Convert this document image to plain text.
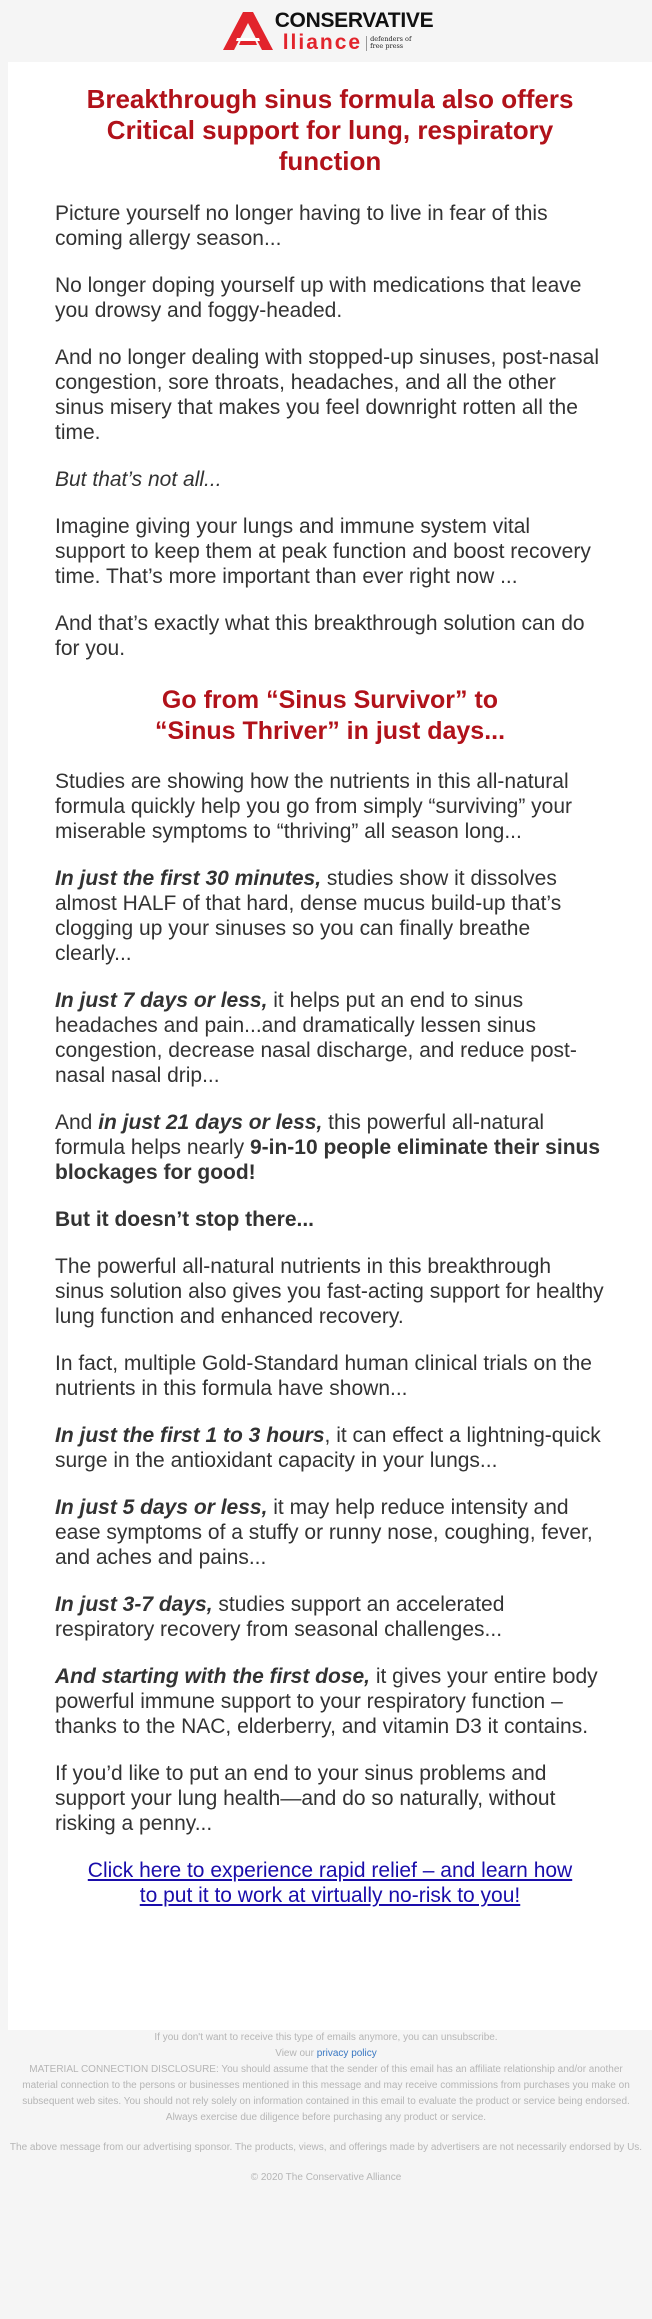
CONSERVATIVE
lliance	defenders of
free press
Breakthrough sinus formula also offers Critical support for lung, respiratory function

Picture yourself no longer having to live in fear of this coming allergy season...

No longer doping yourself up with medications that leave you drowsy and foggy-headed.

And no longer dealing with stopped-up sinuses, post-nasal congestion, sore throats, headaches, and all the other sinus misery that makes you feel downright rotten all the time.

But that’s not all...

Imagine giving your lungs and immune system vital support to keep them at peak function and boost recovery time. That’s more important than ever right now ...

And that’s exactly what this breakthrough solution can do for you.

Go from “Sinus Survivor” to
“Sinus Thriver” in just days...

Studies are showing how the nutrients in this all-natural formula quickly help you go from simply “surviving” your miserable symptoms to “thriving” all season long...

In just the first 30 minutes, studies show it dissolves almost HALF of that hard, dense mucus build-up that’s clogging up your sinuses so you can finally breathe clearly...

In just 7 days or less, it helps put an end to sinus headaches and pain...and dramatically lessen sinus congestion, decrease nasal discharge, and reduce post-nasal nasal drip...

And in just 21 days or less, this powerful all-natural formula helps nearly 9-in-10 people eliminate their sinus blockages for good!

But it doesn’t stop there...

The powerful all-natural nutrients in this breakthrough sinus solution also gives you fast-acting support for healthy lung function and enhanced recovery.

In fact, multiple Gold-Standard human clinical trials on the nutrients in this formula have shown...

In just the first 1 to 3 hours, it can effect a lightning-quick surge in the antioxidant capacity in your lungs...

In just 5 days or less, it may help reduce intensity and ease symptoms of a stuffy or runny nose, coughing, fever, and aches and pains...

In just 3-7 days, studies support an accelerated respiratory recovery from seasonal challenges...

And starting with the first dose, it gives your entire body powerful immune support to your respiratory function – thanks to the NAC, elderberry, and vitamin D3 it contains.

If you’d like to put an end to your sinus problems and support your lung health—and do so naturally, without risking a penny...

Click here to experience rapid relief – and learn how to put it to work at virtually no-risk to you!

If you don't want to receive this type of emails anymore, you can unsubscribe.

View our privacy policy

MATERIAL CONNECTION DISCLOSURE: You should assume that the sender of this email has an affiliate relationship and/or another material connection to the persons or businesses mentioned in this message and may receive commissions from purchases you make on subsequent web sites. You should not rely solely on information contained in this email to evaluate the product or service being endorsed. Always exercise due diligence before purchasing any product or service.

The above message from our advertising sponsor. The products, views, and offerings made by advertisers are not necessarily endorsed by Us.

© 2020 The Conservative Alliance
